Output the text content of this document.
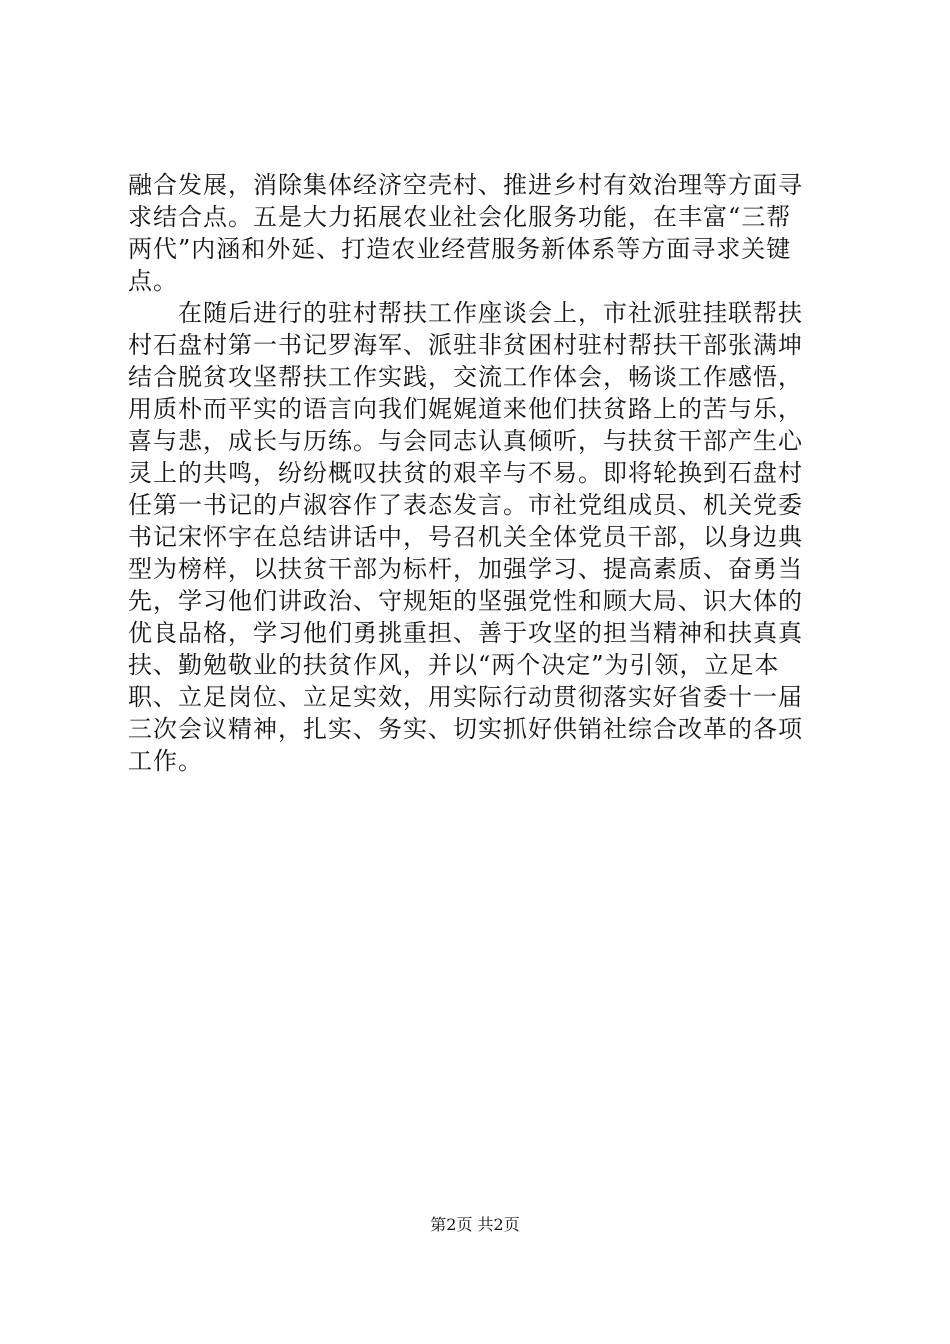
融合发展，消除集体经济空壳村、推进乡村有效治理等方面寻
求结合点。五是大力拓展农业社会化服务功能，在丰富“三帮
两代”内涵和外延、打造农业经营服务新体系等方面寻求关键
点。
　　在随后进行的驻村帮扶工作座谈会上，市社派驻挂联帮扶
村石盘村第一书记罗海军、派驻非贫困村驻村帮扶干部张满坤
结合脱贫攻坚帮扶工作实践，交流工作体会，畅谈工作感悟，
用质朴而平实的语言向我们娓娓道来他们扶贫路上的苦与乐，
喜与悲，成长与历练。与会同志认真倾听，与扶贫干部产生心
灵上的共鸣，纷纷概叹扶贫的艰辛与不易。即将轮换到石盘村
任第一书记的卢淑容作了表态发言。市社党组成员、机关党委
书记宋怀宇在总结讲话中，号召机关全体党员干部，以身边典
型为榜样，以扶贫干部为标杆，加强学习、提高素质、奋勇当
先，学习他们讲政治、守规矩的坚强党性和顾大局、识大体的
优良品格，学习他们勇挑重担、善于攻坚的担当精神和扶真真
扶、勤勉敬业的扶贫作风，并以“两个决定”为引领，立足本
职、立足岗位、立足实效，用实际行动贯彻落实好省委十一届
三次会议精神，扎实、务实、切实抓好供销社综合改革的各项
工作。
第2页 共2页
